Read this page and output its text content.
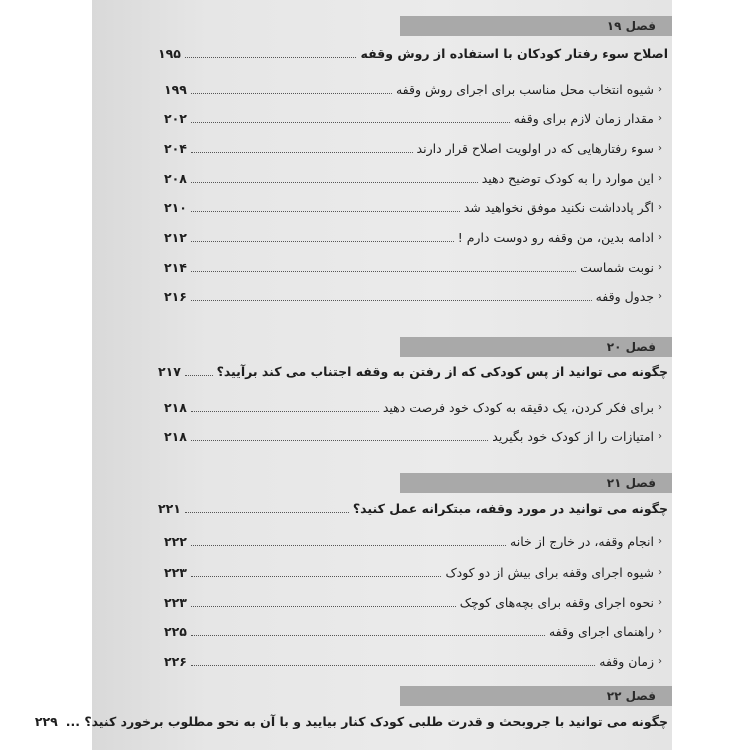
فصل ۱۹
اصلاح سوء رفتار کودکان با استفاده از روش وقفه
۱۹۵
‹
شیوه انتخاب محل مناسب برای اجرای روش وقفه
۱۹۹
‹
مقدار زمان لازم برای وقفه
۲۰۲
‹
سوء رفتارهایی که در اولویت اصلاح قرار دارند
۲۰۴
‹
این موارد را به کودک توضیح دهید
۲۰۸
‹
اگر پادداشت نکنید موفق نخواهید شد
۲۱۰
‹
ادامه بدین، من وقفه رو دوست دارم !
۲۱۲
‹
نوبت شماست
۲۱۴
‹
جدول وقفه
۲۱۶
فصل ۲۰
چگونه می توانید از پس کودکی که از رفتن به وقفه اجتناب می کند برآیید؟
۲۱۷
‹
برای فکر کردن، یک دقیقه به کودک خود فرصت دهید
۲۱۸
‹
امتیازات را از کودک خود بگیرید
۲۱۸
فصل ۲۱
چگونه می توانید در مورد وقفه، مبتکرانه عمل کنید؟
۲۲۱
‹
انجام وقفه، در خارج از خانه
۲۲۲
‹
شیوه اجرای وقفه برای بیش از دو کودک
۲۲۳
‹
نحوه اجرای وقفه برای بچه‌های کوچک
۲۲۳
‹
راهنمای اجرای وقفه
۲۲۵
‹
زمان وقفه
۲۲۶
فصل ۲۲
چگونه می توانید با جروبحث و قدرت طلبی کودک کنار بیایید و با آن به نحو مطلوب برخورد کنید؟ ...
۲۲۹
